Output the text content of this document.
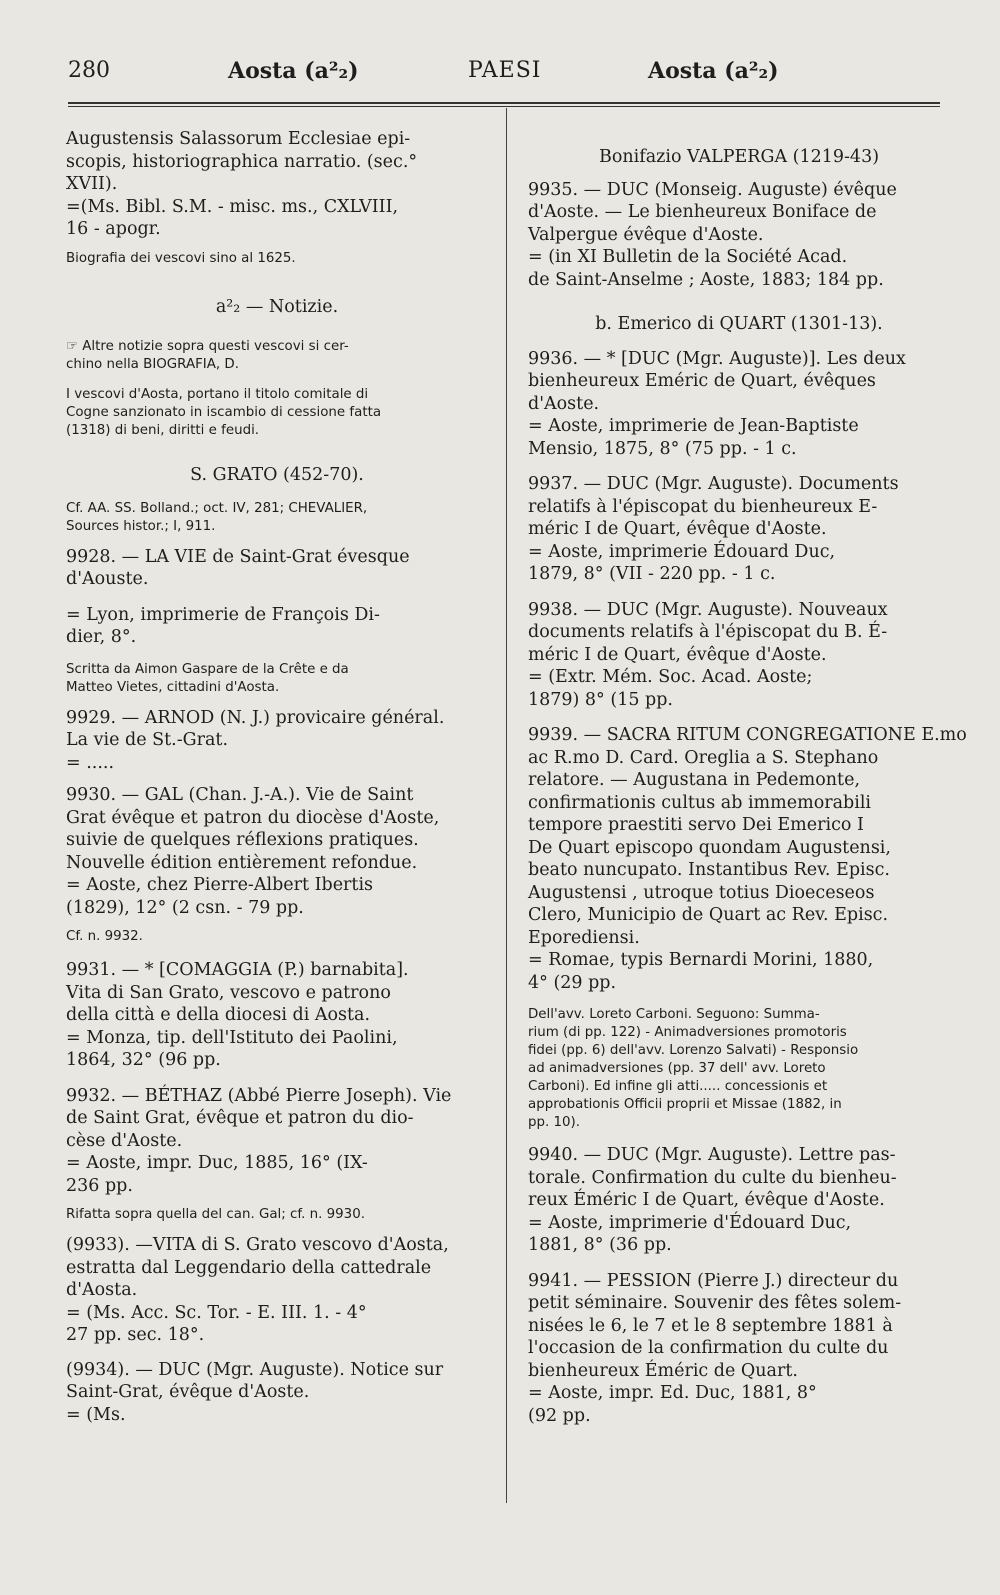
280	Aosta (a²₂)	PAESI	Aosta (a²₂)

Augustensis Salassorum Ecclesiae epi-
scopis, historiographica narratio. (sec.°
XVII).
=(Ms. Bibl. S.M. - misc. ms., CXLVIII,
16 - apogr.

Biografia dei vescovi sino al 1625.

a²₂ — Notizie.

☞ Altre notizie sopra questi vescovi si cer-
chino nella BIOGRAFIA, D.

I vescovi d'Aosta, portano il titolo comitale di
Cogne sanzionato in iscambio di cessione fatta
(1318) di beni, diritti e feudi.

S. GRATO (452-70).

Cf. AA. SS. Bolland.; oct. IV, 281; CHEVALIER,
Sources histor.; I, 911.

9928. — LA VIE de Saint-Grat évesque
d'Aouste.

= Lyon, imprimerie de François Di-
dier, 8°.

Scritta da Aimon Gaspare de la Crête e da
Matteo Vietes, cittadini d'Aosta.

9929. — ARNOD (N. J.) provicaire général.
La vie de St.-Grat.
= .....

9930. — GAL (Chan. J.-A.). Vie de Saint
Grat évêque et patron du diocèse d'Aoste,
suivie de quelques réflexions pratiques.
Nouvelle édition entièrement refondue.
= Aoste, chez Pierre-Albert Ibertis
(1829), 12° (2 csn. - 79 pp.

Cf. n. 9932.

9931. — * [COMAGGIA (P.) barnabita].
Vita di San Grato, vescovo e patrono
della città e della diocesi di Aosta.
= Monza, tip. dell'Istituto dei Paolini,
1864, 32° (96 pp.

9932. — BÉTHAZ (Abbé Pierre Joseph). Vie
de Saint Grat, évêque et patron du dio-
cèse d'Aoste.
= Aoste, impr. Duc, 1885, 16° (IX-
236 pp.

Rifatta sopra quella del can. Gal; cf. n. 9930.

(9933). —VITA di S. Grato vescovo d'Aosta,
estratta dal Leggendario della cattedrale
d'Aosta.
= (Ms. Acc. Sc. Tor. - E. III. 1. - 4°
27 pp. sec. 18°.

(9934). — DUC (Mgr. Auguste). Notice sur
Saint-Grat, évêque d'Aoste.
= (Ms.

Bonifazio VALPERGA (1219-43)

9935. — DUC (Monseig. Auguste) évêque
d'Aoste. — Le bienheureux Boniface de
Valpergue évêque d'Aoste.
= (in XI Bulletin de la Société Acad.
de Saint-Anselme ; Aoste, 1883; 184 pp.

b. Emerico di QUART (1301-13).

9936. — * [DUC (Mgr. Auguste)]. Les deux
bienheureux Eméric de Quart, évêques
d'Aoste.
= Aoste, imprimerie de Jean-Baptiste
Mensio, 1875, 8° (75 pp. - 1 c.

9937. — DUC (Mgr. Auguste). Documents
relatifs à l'épiscopat du bienheureux E-
méric I de Quart, évêque d'Aoste.
= Aoste, imprimerie Édouard Duc,
1879, 8° (VII - 220 pp. - 1 c.

9938. — DUC (Mgr. Auguste). Nouveaux
documents relatifs à l'épiscopat du B. É-
méric I de Quart, évêque d'Aoste.
= (Extr. Mém. Soc. Acad. Aoste;
1879) 8° (15 pp.

9939. — SACRA RITUM CONGREGATIONE E.mo
ac R.mo D. Card. Oreglia a S. Stephano
relatore. — Augustana in Pedemonte,
confirmationis cultus ab immemorabili
tempore praestiti servo Dei Emerico I
De Quart episcopo quondam Augustensi,
beato nuncupato. Instantibus Rev. Episc.
Augustensi , utroque totius Dioeceseos
Clero, Municipio de Quart ac Rev. Episc.
Eporediensi.
= Romae, typis Bernardi Morini, 1880,
4° (29 pp.

Dell'avv. Loreto Carboni. Seguono: Summa-
rium (di pp. 122) - Animadversiones promotoris
fidei (pp. 6) dell'avv. Lorenzo Salvati) - Responsio
ad animadversiones (pp. 37 dell' avv. Loreto
Carboni). Ed infine gli atti..... concessionis et
approbationis Officii proprii et Missae (1882, in
pp. 10).

9940. — DUC (Mgr. Auguste). Lettre pas-
torale. Confirmation du culte du bienheu-
reux Éméric I de Quart, évêque d'Aoste.
= Aoste, imprimerie d'Édouard Duc,
1881, 8° (36 pp.

9941. — PESSION (Pierre J.) directeur du
petit séminaire. Souvenir des fêtes solem-
nisées le 6, le 7 et le 8 septembre 1881 à
l'occasion de la confirmation du culte du
bienheureux Éméric de Quart.
= Aoste, impr. Ed. Duc, 1881, 8°
(92 pp.
